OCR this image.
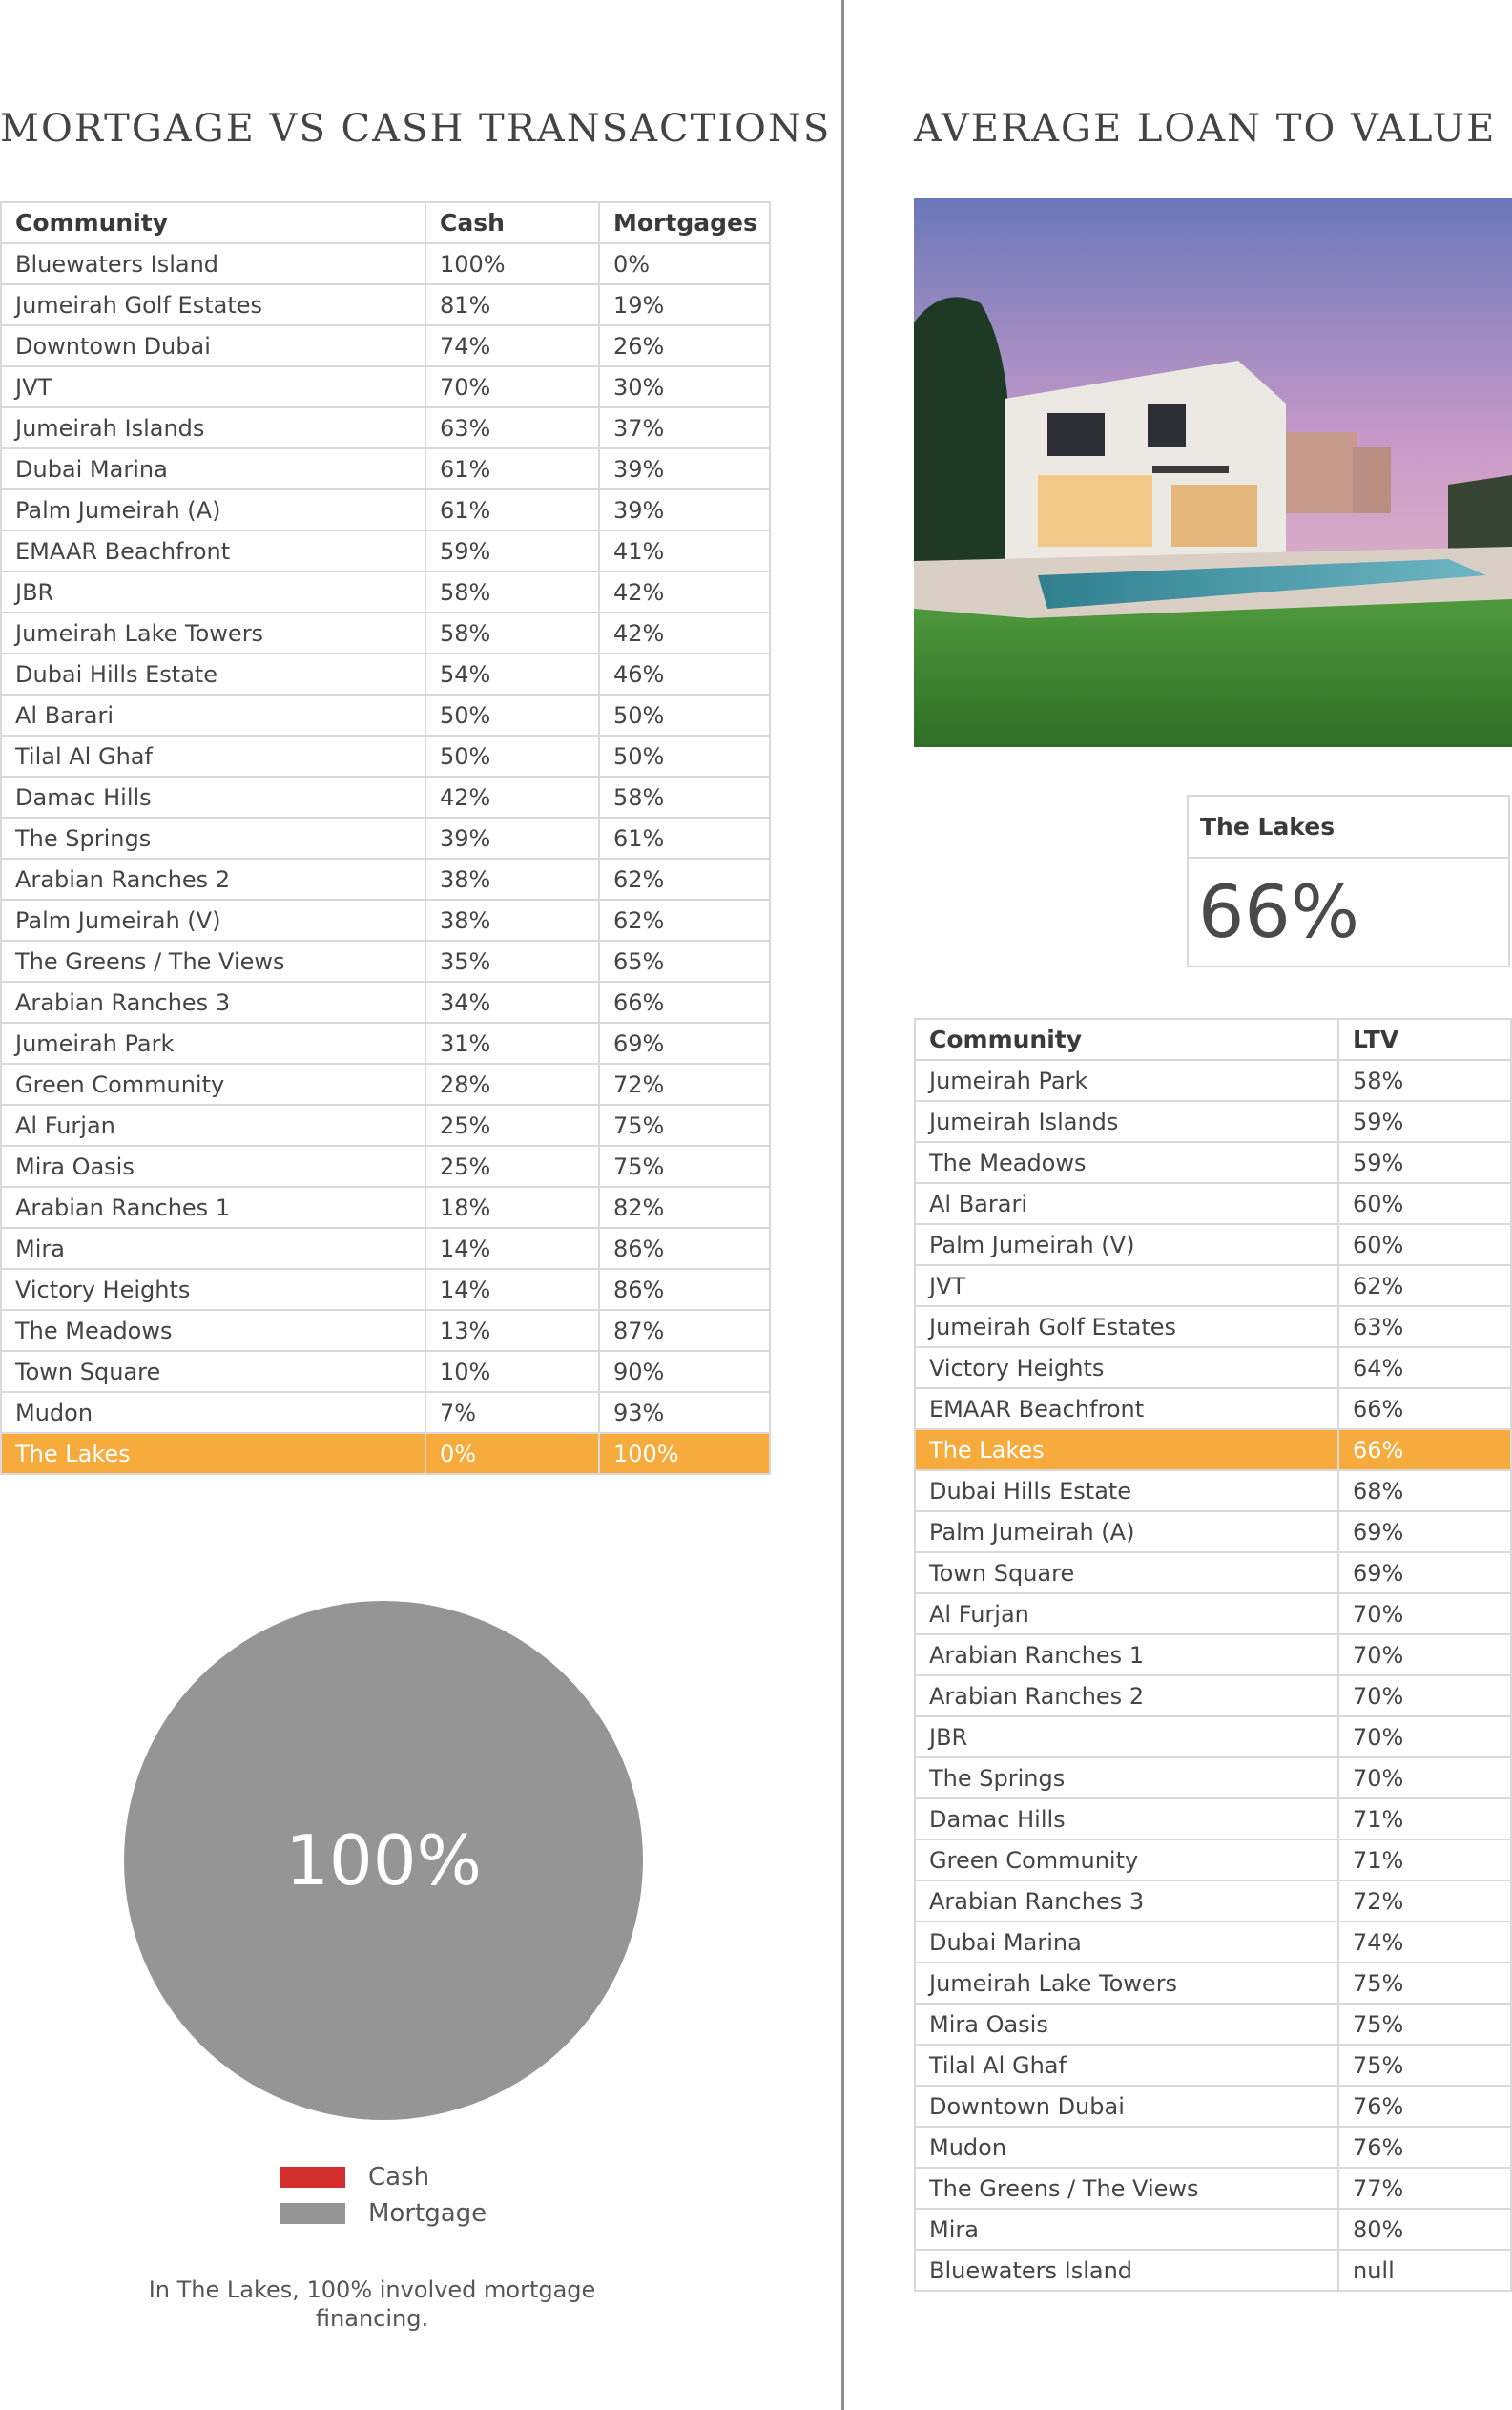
MORTGAGE VS CASH TRANSACTIONS AVERAGE LOAN TO VALUE
Community	Cash	Mortgages
Bluewaters Island	100%	0%
Jumeirah Golf Estates	81%	19%
Downtown Dubai	74%	26%
JVT	70%	30%
Jumeirah Islands	63%	37%
Dubai Marina	61%	39%
Palm Jumeirah (A)	61%	39%
EMAAR Beachfront	59%	41%
JBR	58%	42%
Jumeirah Lake Towers	58%	42%
Dubai Hills Estate	54%	46%
Al Barari	50%	50%
Tilal Al Ghaf	50%	50%
Damac Hills	42%	58%
The Springs	39%	61%
Arabian Ranches 2	38%	62%
Palm Jumeirah (V)	38%	62%
The Greens / The Views	35%	65%
Arabian Ranches 3	34%	66%
Jumeirah Park	31%	69%
Green Community	28%	72%
Al Furjan	25%	75%
Mira Oasis	25%	75%
Arabian Ranches 1	18%	82%
Mira	14%	86%
Victory Heights	14%	86%
The Meadows	13%	87%
Town Square	10%	90%
Mudon	7%	93%
The Lakes	0%	100%
The Lakes
66%
Community	LTV
Jumeirah Park	58%
Jumeirah Islands	59%
The Meadows	59%
Al Barari	60%
Palm Jumeirah (V)	60%
JVT	62%
Jumeirah Golf Estates	63%
Victory Heights	64%
EMAAR Beachfront	66%
The Lakes	66%
Dubai Hills Estate	68%
Palm Jumeirah (A)	69%
Town Square	69%
Al Furjan	70%
Arabian Ranches 1	70%
Arabian Ranches 2	70%
JBR	70%
The Springs	70%
Damac Hills	71%
Green Community	71%
Arabian Ranches 3	72%
Dubai Marina	74%
Jumeirah Lake Towers	75%
Mira Oasis	75%
Tilal Al Ghaf	75%
Downtown Dubai	76%
Mudon	76%
The Greens / The Views	77%
Mira	80%
Bluewaters Island	null
100%
Cash
Mortgage
In The Lakes, 100% involved mortgage financing.
